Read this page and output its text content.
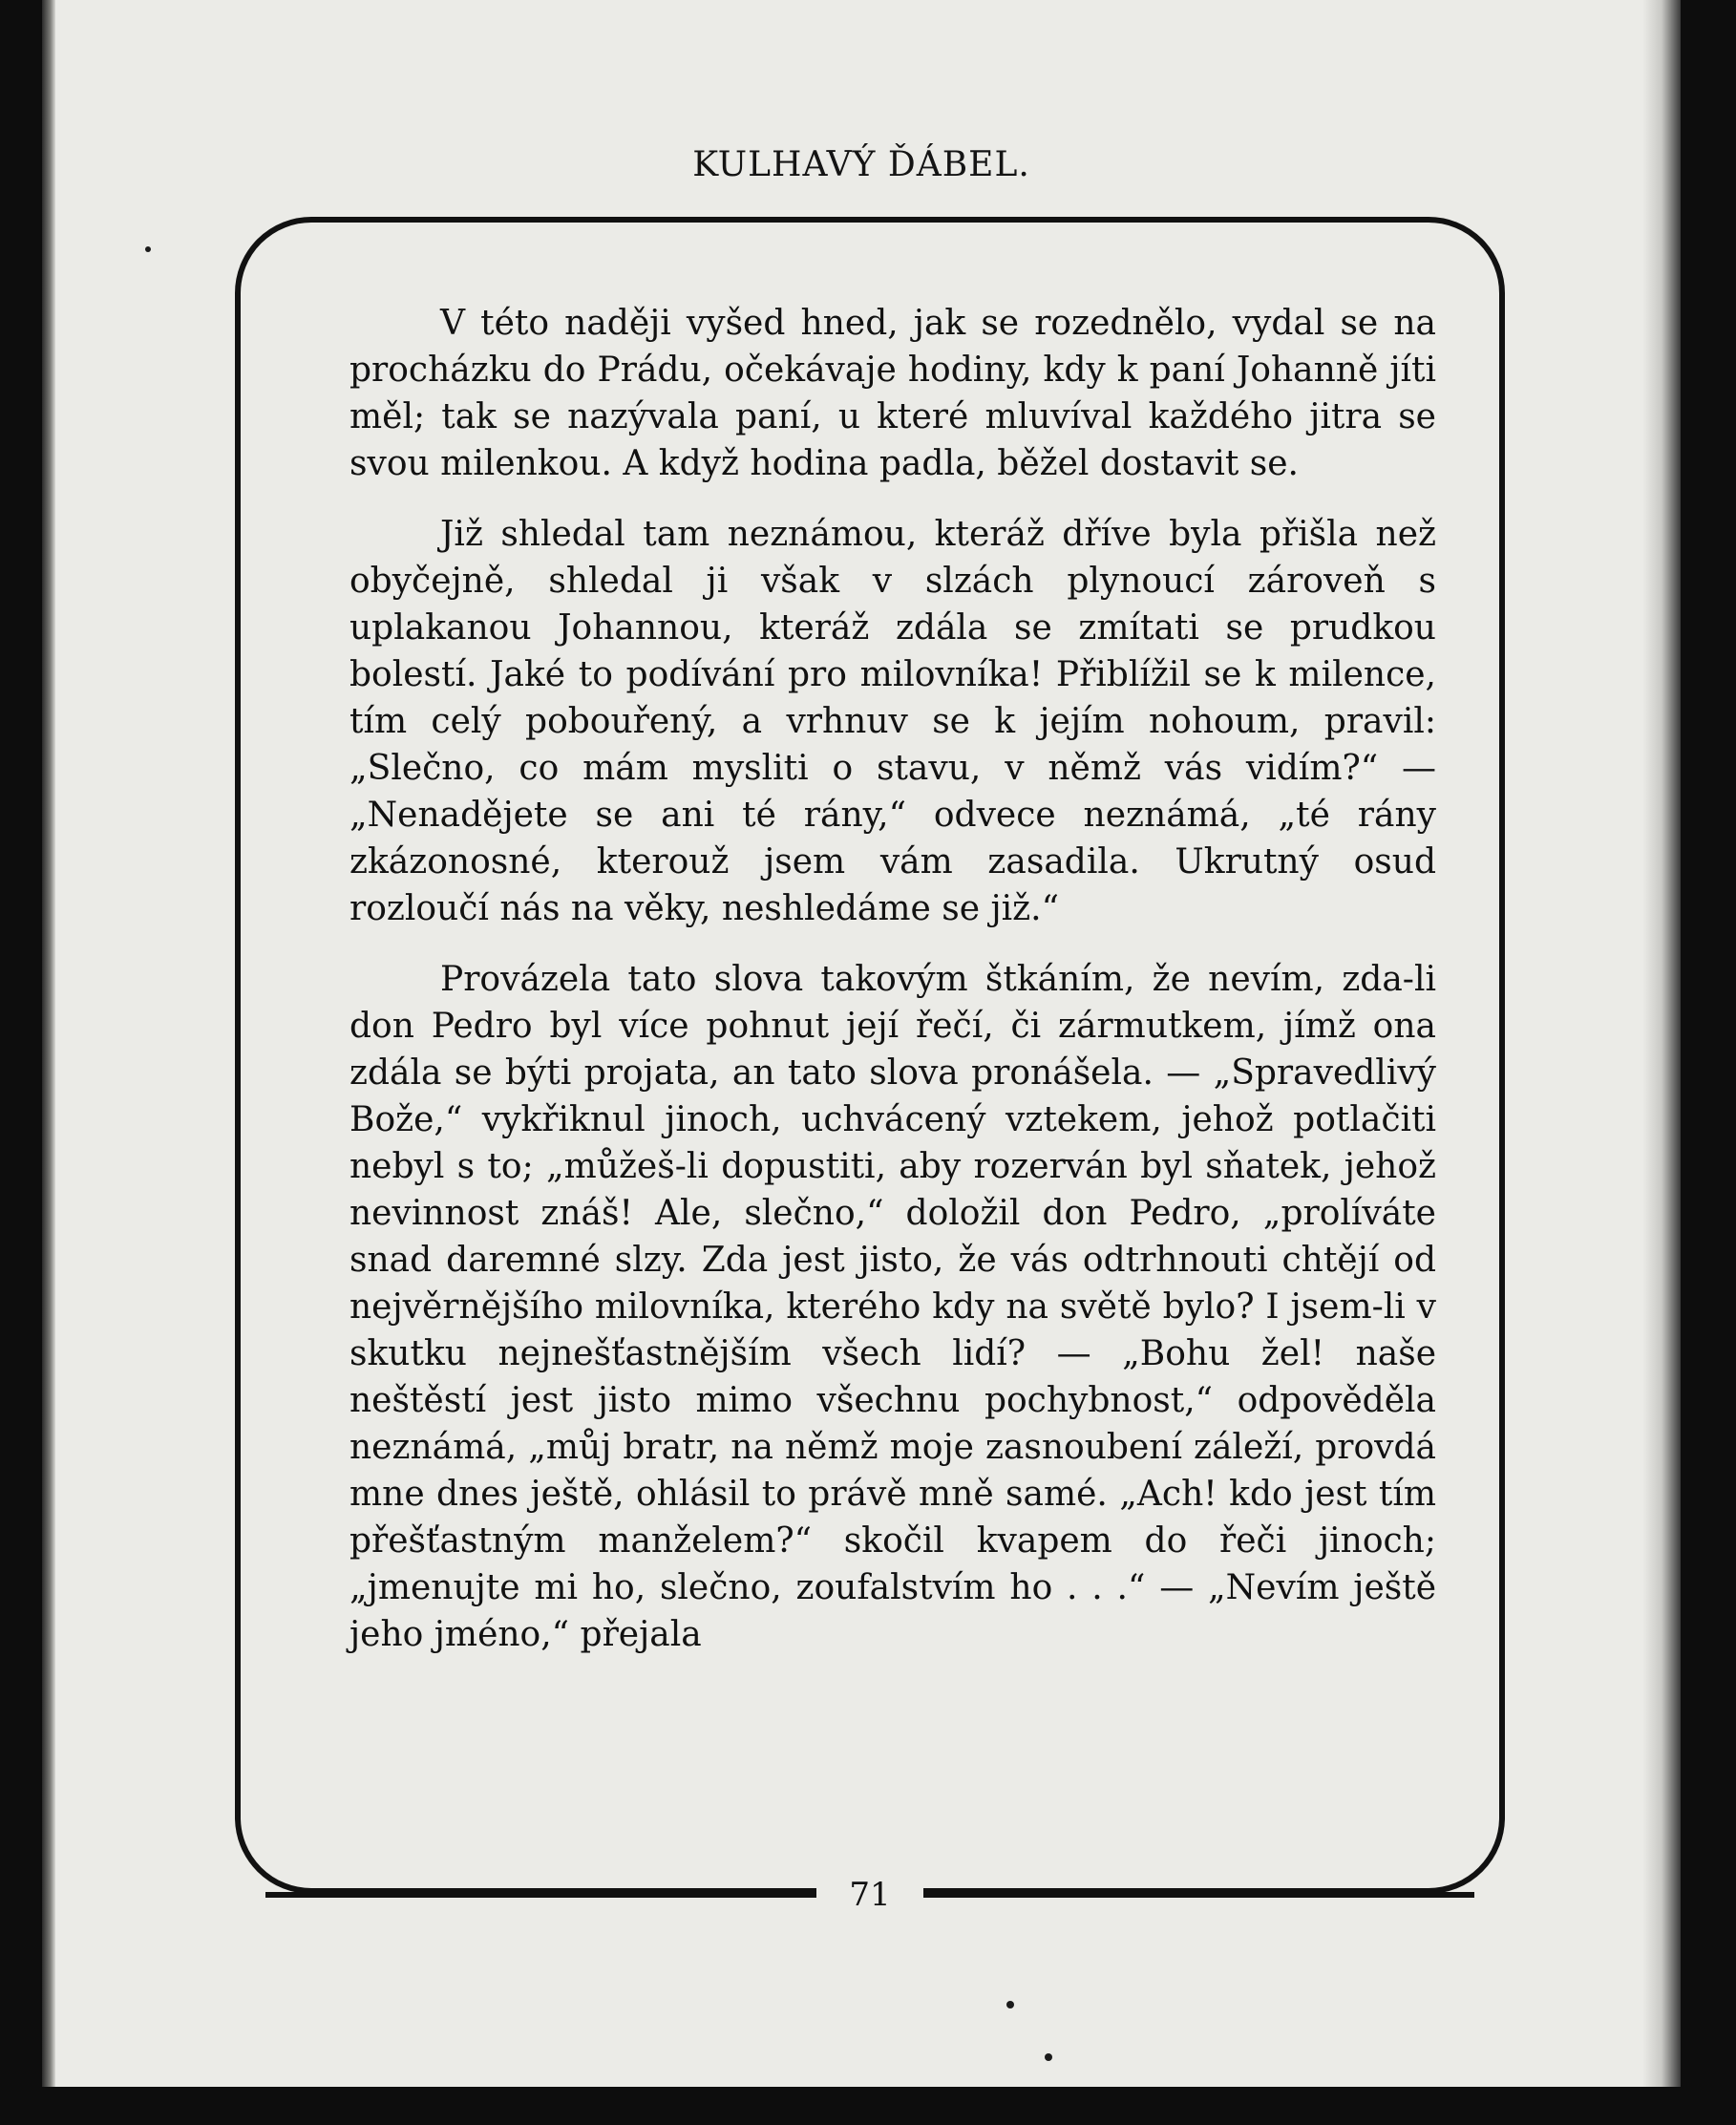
KULHAVÝ ĎÁBEL.

V této naději vyšed hned, jak se rozednělo, vydal se na procházku do Prádu, očekávaje hodiny, kdy k paní Johanně jíti měl; tak se nazývala paní, u které mluvíval každého jitra se svou milenkou. A když hodina padla, běžel dostavit se.

Již shledal tam neznámou, kteráž dříve byla přišla než obyčejně, shledal ji však v slzách plynoucí zároveň s uplakanou Johannou, kteráž zdála se zmítati se prudkou bolestí. Jaké to podívání pro milovníka! Přiblížil se k milence, tím celý pobouřený, a vrhnuv se k jejím nohoum, pravil: „Slečno, co mám mysliti o stavu, v němž vás vidím?“ — „Nenadějete se ani té rány,“ odvece neznámá, „té rány zkázonosné, kterouž jsem vám zasadila. Ukrutný osud rozloučí nás na věky, neshledáme se již.“

Provázela tato slova takovým štkáním, že nevím, zda-li don Pedro byl více pohnut její řečí, či zármutkem, jímž ona zdála se býti projata, an tato slova pronášela. — „Spravedlivý Bože,“ vykřiknul jinoch, uchvácený vztekem, jehož potlačiti nebyl s to; „můžeš-li dopustiti, aby rozerván byl sňatek, jehož nevinnost znáš! Ale, slečno,“ doložil don Pedro, „prolíváte snad daremné slzy. Zda jest jisto, že vás odtrhnouti chtějí od nejvěrnějšího milovníka, kterého kdy na světě bylo? I jsem-li v skutku nejnešťastnějším všech lidí? — „Bohu žel! naše neštěstí jest jisto mimo všechnu pochybnost,“ odpověděla neznámá, „můj bratr, na němž moje zasnoubení záleží, provdá mne dnes ještě, ohlásil to právě mně samé. „Ach! kdo jest tím přešťastným manželem?“ skočil kvapem do řeči jinoch; „jmenujte mi ho, slečno, zoufalstvím ho . . .“ — „Nevím ještě jeho jméno,“ přejala

71
